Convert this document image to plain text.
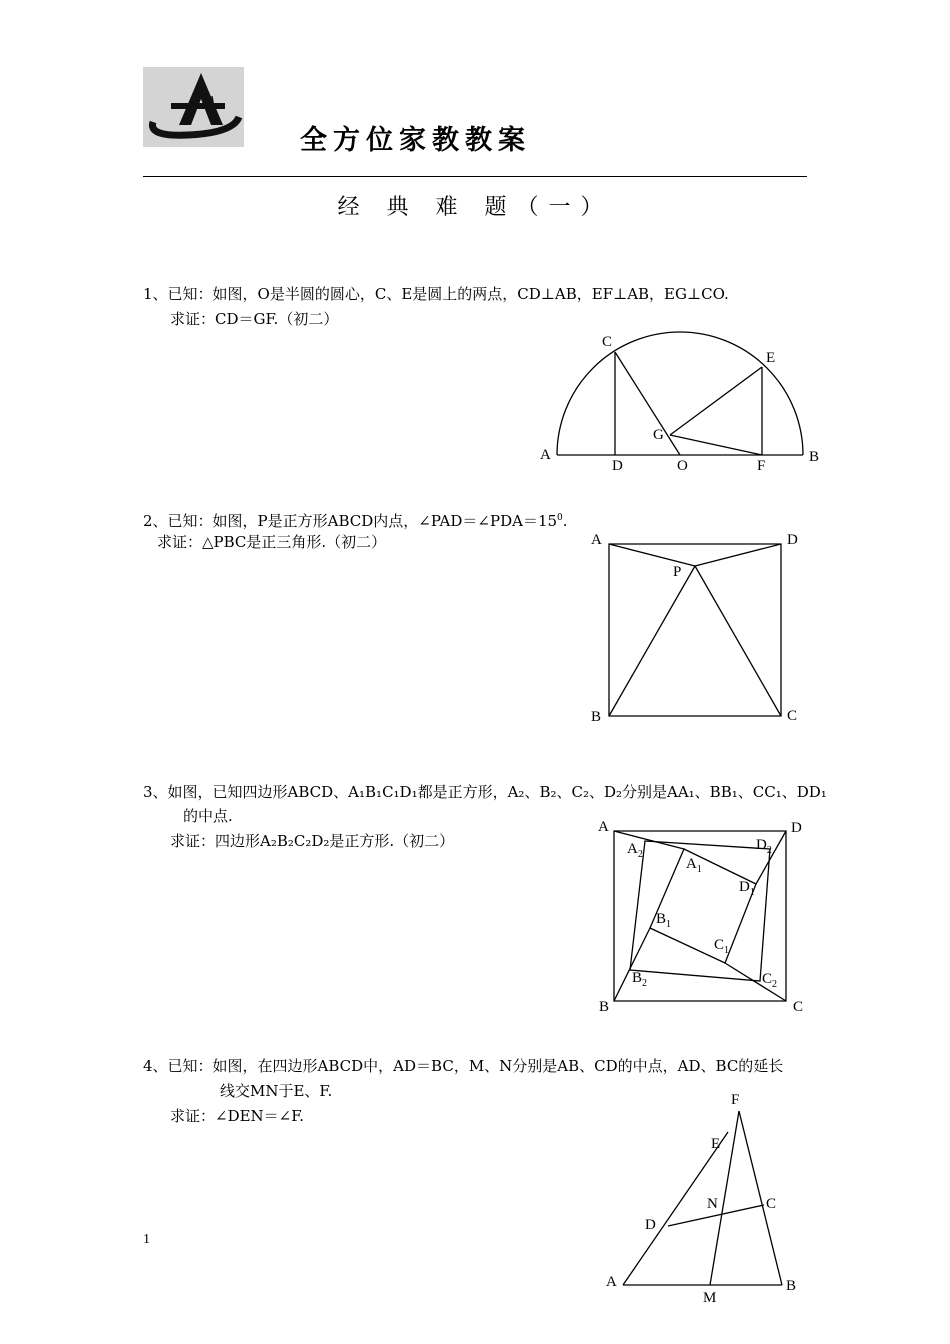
A
全方位家教教案
经 典 难 题（一）
1、已知：如图，O是半圆的圆心，C、E是圆上的两点，CD⊥AB，EF⊥AB，EG⊥CO.
求证：CD＝GF.（初二）
A	B
C
D
E
F
G
O
2、已知：如图，P是正方形ABCD内点，$\angle PAD=\angle PDA=15^0$.
求证：△PBC是正三角形.（初二）	A	D
B	C
P
3、如图，已知四边形ABCD、A₁B₁C₁D₁都是正方形，A₂、B₂、C₂、D₂分别是AA₁、BB₁、CC₁、DD₁
的中点.
求证：四边形A₂B₂C₂D₂是正方形.（初二）
A	D
B	C
$A_2$
$A_1$
$D_2$
$D_1$
$B_1$
$C_1$
$B_2$	$C_2$
4、已知：如图，在四边形ABCD中，AD＝BC，M、N分别是AB、CD的中点，AD、BC的延长
线交MN于E、F.
求证：∠DEN＝∠F.
A	B
C
D
E
F
M
N
1
